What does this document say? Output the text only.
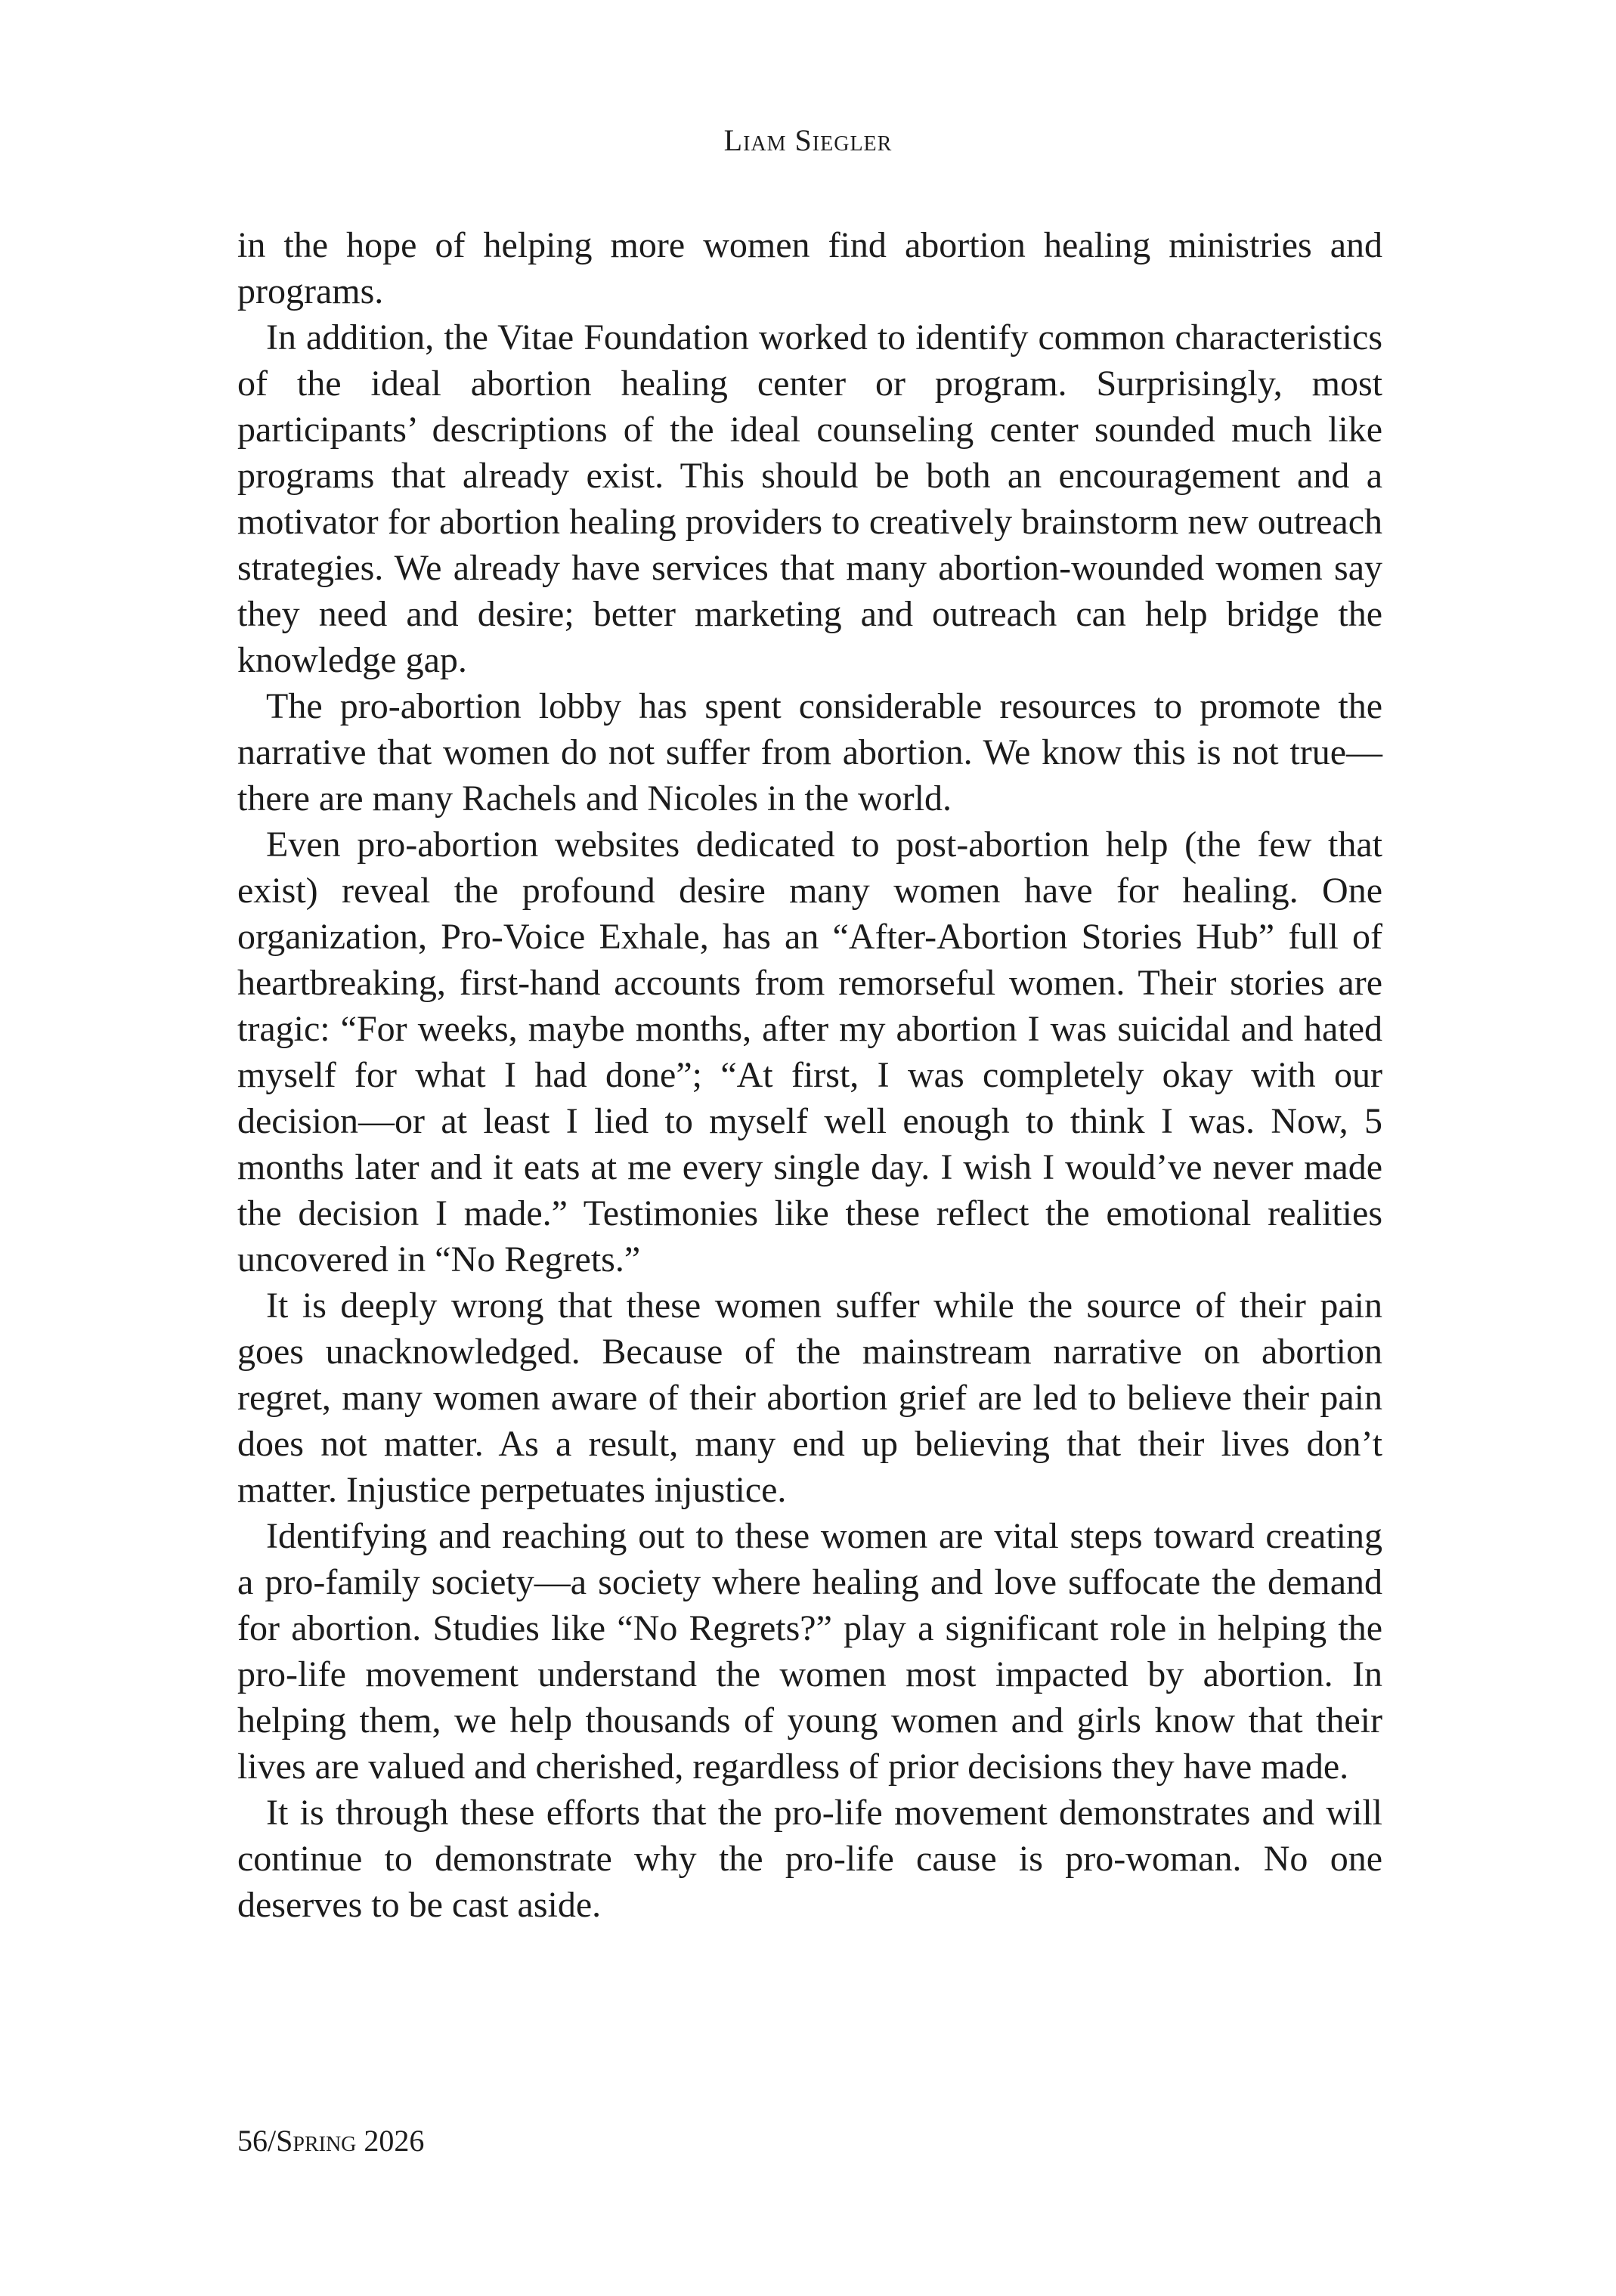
Liam Siegler

in the hope of helping more women find abortion healing ministries and programs.

In addition, the Vitae Foundation worked to identify common characteristics of the ideal abortion healing center or program. Surprisingly, most participants’ descriptions of the ideal counseling center sounded much like programs that already exist. This should be both an encouragement and a motivator for abortion healing providers to creatively brainstorm new outreach strategies. We already have services that many abortion-wounded women say they need and desire; better marketing and outreach can help bridge the knowledge gap.

The pro-abortion lobby has spent considerable resources to promote the narrative that women do not suffer from abortion. We know this is not true—there are many Rachels and Nicoles in the world.

Even pro-abortion websites dedicated to post-abortion help (the few that exist) reveal the profound desire many women have for healing. One organization, Pro-Voice Exhale, has an “After-Abortion Stories Hub” full of heartbreaking, first-hand accounts from remorseful women. Their stories are tragic: “For weeks, maybe months, after my abortion I was suicidal and hated myself for what I had done”; “At first, I was completely okay with our decision—or at least I lied to myself well enough to think I was. Now, 5 months later and it eats at me every single day. I wish I would’ve never made the decision I made.” Testimonies like these reflect the emotional realities uncovered in “No Regrets.”

It is deeply wrong that these women suffer while the source of their pain goes unacknowledged. Because of the mainstream narrative on abortion regret, many women aware of their abortion grief are led to believe their pain does not matter. As a result, many end up believing that their lives don’t matter. Injustice perpetuates injustice.

Identifying and reaching out to these women are vital steps toward creating a pro-family society—a society where healing and love suffocate the demand for abortion. Studies like “No Regrets?” play a significant role in helping the pro-life movement understand the women most impacted by abortion. In helping them, we help thousands of young women and girls know that their lives are valued and cherished, regardless of prior decisions they have made.

It is through these efforts that the pro-life movement demonstrates and will continue to demonstrate why the pro-life cause is pro-woman. No one deserves to be cast aside.

56/Spring 2026
